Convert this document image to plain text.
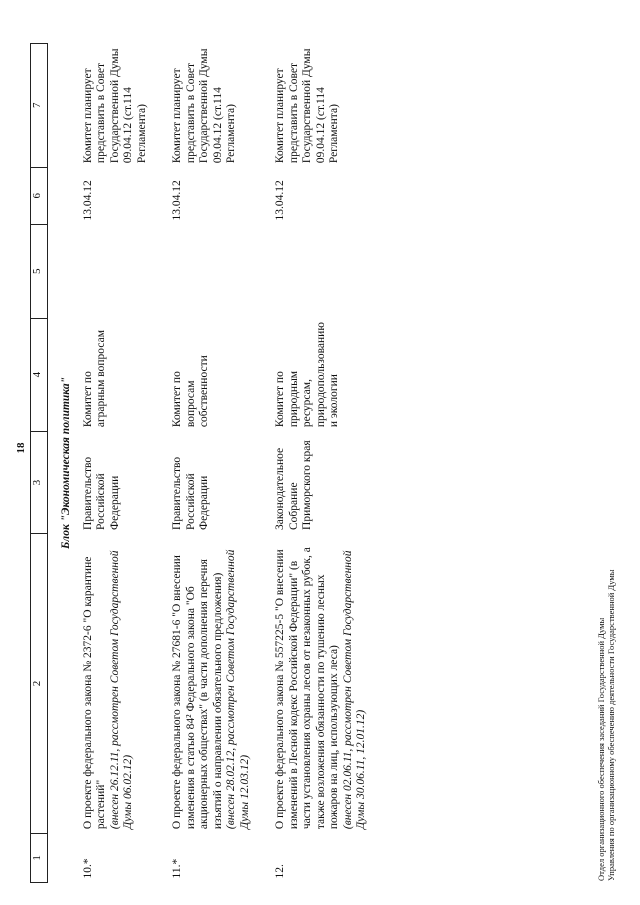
18
1	2	3	4	5	6	7
Блок "Экономическая политика"						
10.*	О проекте федерального закона № 2372-6 "О карантине растений" (внесен 26.12.11, рассмотрен Советом Государственной Думы 06.02.12)	Правительство Российской Федерации	Комитет по аграрным вопросам		13.04.12	Комитет планирует представить в Совет Государственной Думы 09.04.12 (ст.114 Регламента)
11.*	О проекте федерального закона № 27681-6 "О внесении изменения в статью 84² Федерального закона "Об акционерных обществах" (в части дополнения перечня изъятий о направлении обязательного предложения) (внесен 28.02.12, рассмотрен Советом Государственной Думы 12.03.12)	Правительство Российской Федерации	Комитет по вопросам собственности		13.04.12	Комитет планирует представить в Совет Государственной Думы 09.04.12 (ст.114 Регламента)
12.	О проекте федерального закона № 557225-5 "О внесении изменений в Лесной кодекс Российской Федерации" (в части установления охраны лесов от незаконных рубок, а также возложения обязанности по тушению лесных пожаров на лиц, использующих леса) (внесен 02.06.11, рассмотрен Советом Государственной Думы 30.06.11, 12.01.12)	Законодательное Собрание Приморского края	Комитет по природным ресурсам, природопользованию и экологии		13.04.12	Комитет планирует представить в Совет Государственной Думы 09.04.12 (ст.114 Регламента)
Отдел организационного обеспечения заседаний Государственной Думы Управления по организационному обеспечению деятельности Государственной Думы
